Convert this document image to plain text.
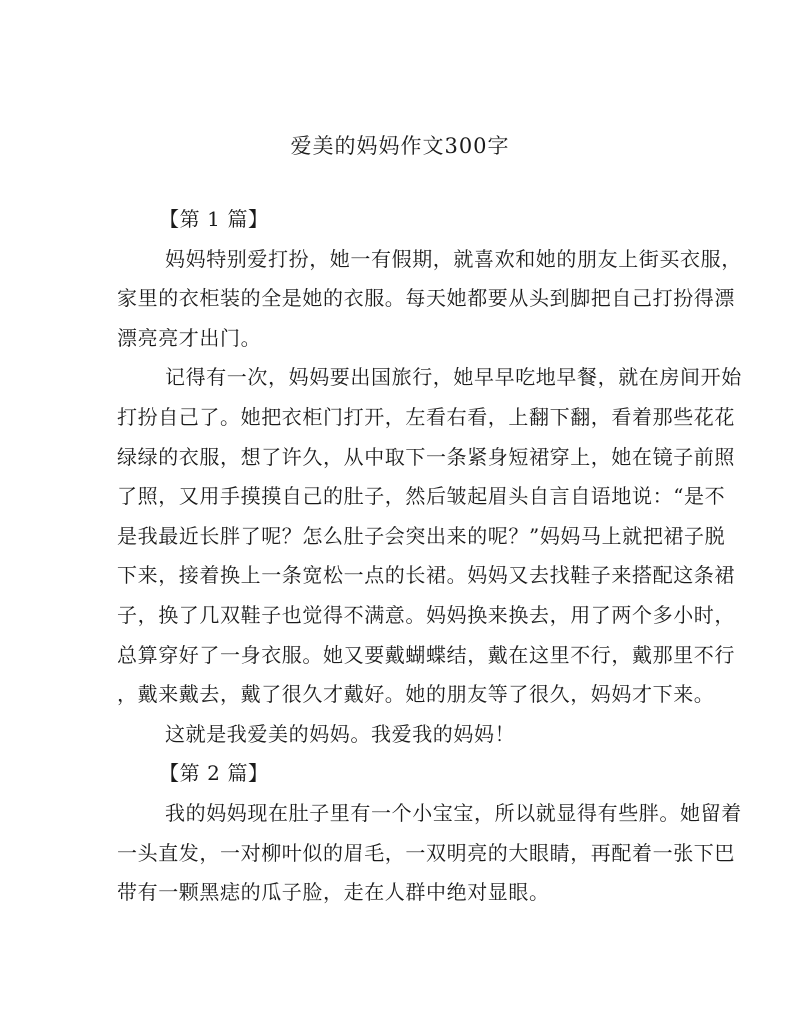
爱美的妈妈作文300字
【第 1 篇】
妈妈特别爱打扮，她一有假期，就喜欢和她的朋友上街买衣服，
家里的衣柜装的全是她的衣服。每天她都要从头到脚把自己打扮得漂
漂亮亮才出门。
记得有一次，妈妈要出国旅行，她早早吃地早餐，就在房间开始
打扮自己了。她把衣柜门打开，左看右看，上翻下翻，看着那些花花
绿绿的衣服，想了许久，从中取下一条紧身短裙穿上，她在镜子前照
了照，又用手摸摸自己的肚子，然后皱起眉头自言自语地说：“是不
是我最近长胖了呢？怎么肚子会突出来的呢？”妈妈马上就把裙子脱
下来，接着换上一条宽松一点的长裙。妈妈又去找鞋子来搭配这条裙
子，换了几双鞋子也觉得不满意。妈妈换来换去，用了两个多小时，
总算穿好了一身衣服。她又要戴蝴蝶结，戴在这里不行，戴那里不行
，戴来戴去，戴了很久才戴好。她的朋友等了很久，妈妈才下来。
这就是我爱美的妈妈。我爱我的妈妈！
【第 2 篇】
我的妈妈现在肚子里有一个小宝宝，所以就显得有些胖。她留着
一头直发，一对柳叶似的眉毛，一双明亮的大眼睛，再配着一张下巴
带有一颗黑痣的瓜子脸，走在人群中绝对显眼。
